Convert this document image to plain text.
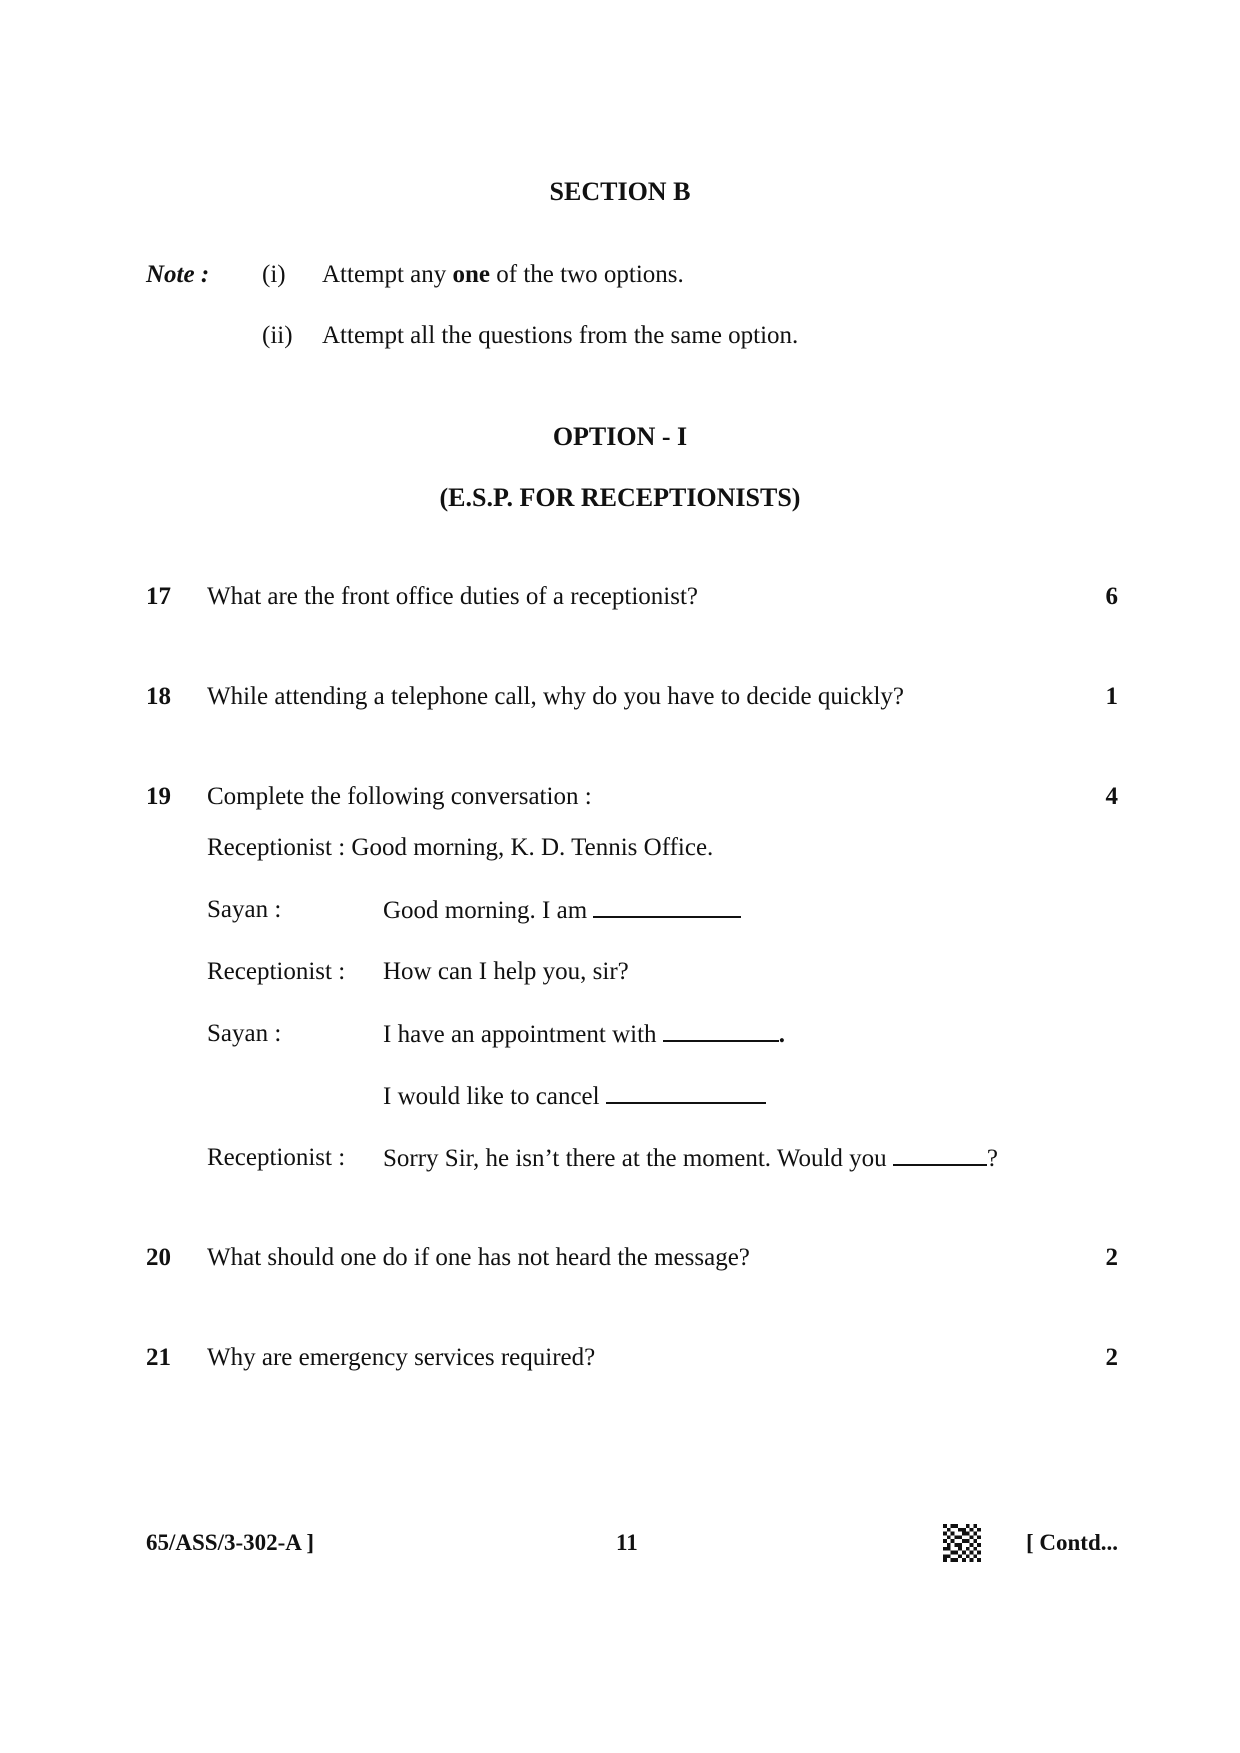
SECTION B
Note : (i) Attempt any one of the two options.
(ii) Attempt all the questions from the same option.
OPTION - I
(E.S.P. FOR RECEPTIONISTS)
17 What are the front office duties of a receptionist?	6
18 While attending a telephone call, why do you have to decide quickly?	1
19 Complete the following conversation :	4
Receptionist : Good morning, K. D. Tennis Office.
Sayan :	Good morning. I am
Receptionist : How can I help you, sir?
Sayan :	I have an appointment with	.
I would like to cancel
Receptionist : Sorry Sir, he isn’t there at the moment. Would you	?
20 What should one do if one has not heard the message?	2
21 Why are emergency services required?	2
65/ASS/3-302-A ]	11	[ Contd...
